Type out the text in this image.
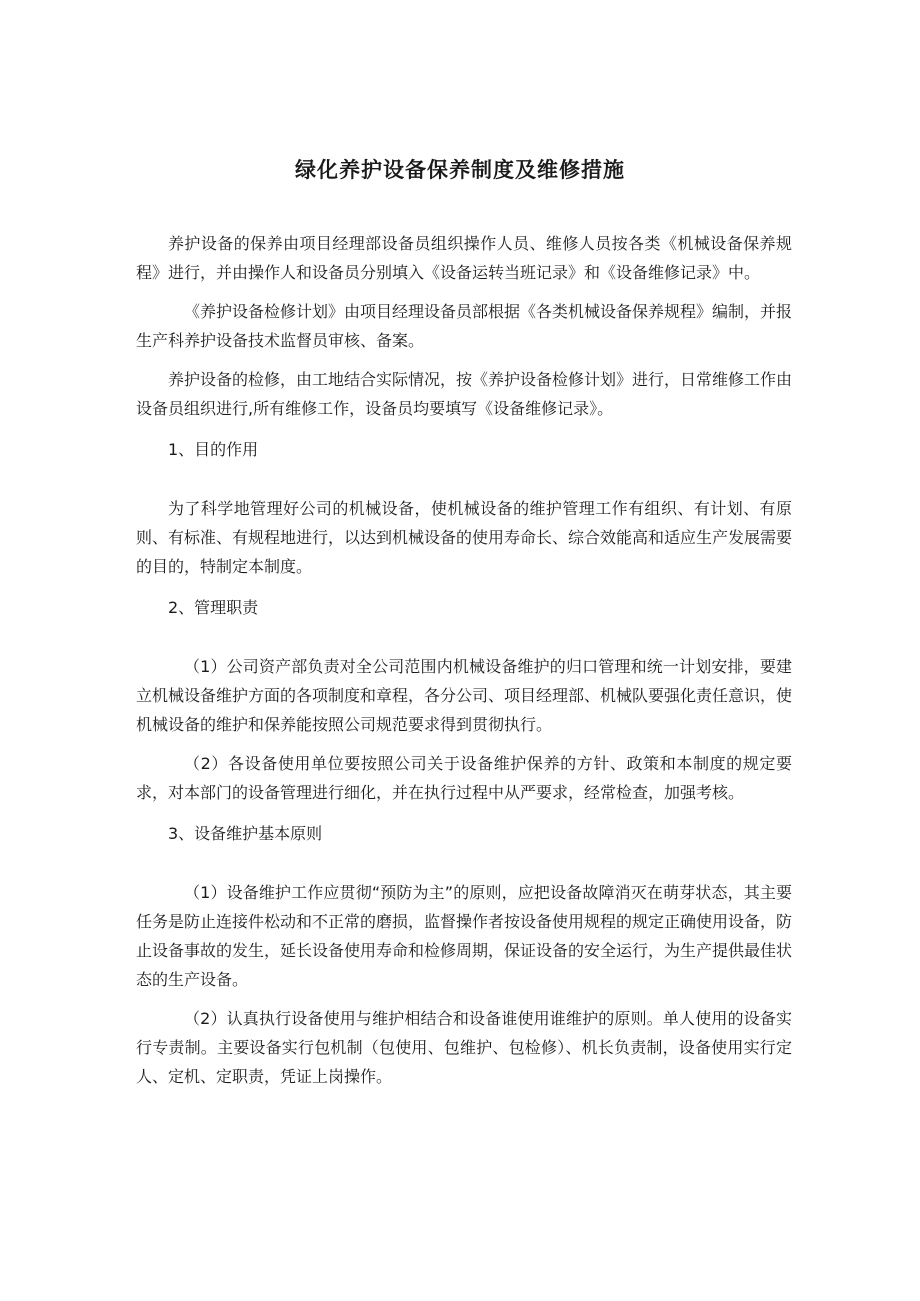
绿化养护设备保养制度及维修措施

养护设备的保养由项目经理部设备员组织操作人员、维修人员按各类《机械设备保养规程》进行，并由操作人和设备员分别填入《设备运转当班记录》和《设备维修记录》中。

《养护设备检修计划》由项目经理设备员部根据《各类机械设备保养规程》编制，并报生产科养护设备技术监督员审核、备案。

养护设备的检修，由工地结合实际情况，按《养护设备检修计划》进行，日常维修工作由设备员组织进行,所有维修工作，设备员均要填写《设备维修记录》。

1、目的作用

为了科学地管理好公司的机械设备，使机械设备的维护管理工作有组织、有计划、有原则、有标准、有规程地进行，以达到机械设备的使用寿命长、综合效能高和适应生产发展需要的目的，特制定本制度。

2、管理职责

（1）公司资产部负责对全公司范围内机械设备维护的归口管理和统一计划安排，要建立机械设备维护方面的各项制度和章程，各分公司、项目经理部、机械队要强化责任意识，使机械设备的维护和保养能按照公司规范要求得到贯彻执行。

（2）各设备使用单位要按照公司关于设备维护保养的方针、政策和本制度的规定要求，对本部门的设备管理进行细化，并在执行过程中从严要求，经常检查，加强考核。

3、设备维护基本原则

（1）设备维护工作应贯彻“预防为主”的原则，应把设备故障消灭在萌芽状态，其主要任务是防止连接件松动和不正常的磨损，监督操作者按设备使用规程的规定正确使用设备，防止设备事故的发生，延长设备使用寿命和检修周期，保证设备的安全运行，为生产提供最佳状态的生产设备。

（2）认真执行设备使用与维护相结合和设备谁使用谁维护的原则。单人使用的设备实行专责制。主要设备实行包机制（包使用、包维护、包检修）、机长负责制，设备使用实行定人、定机、定职责，凭证上岗操作。
